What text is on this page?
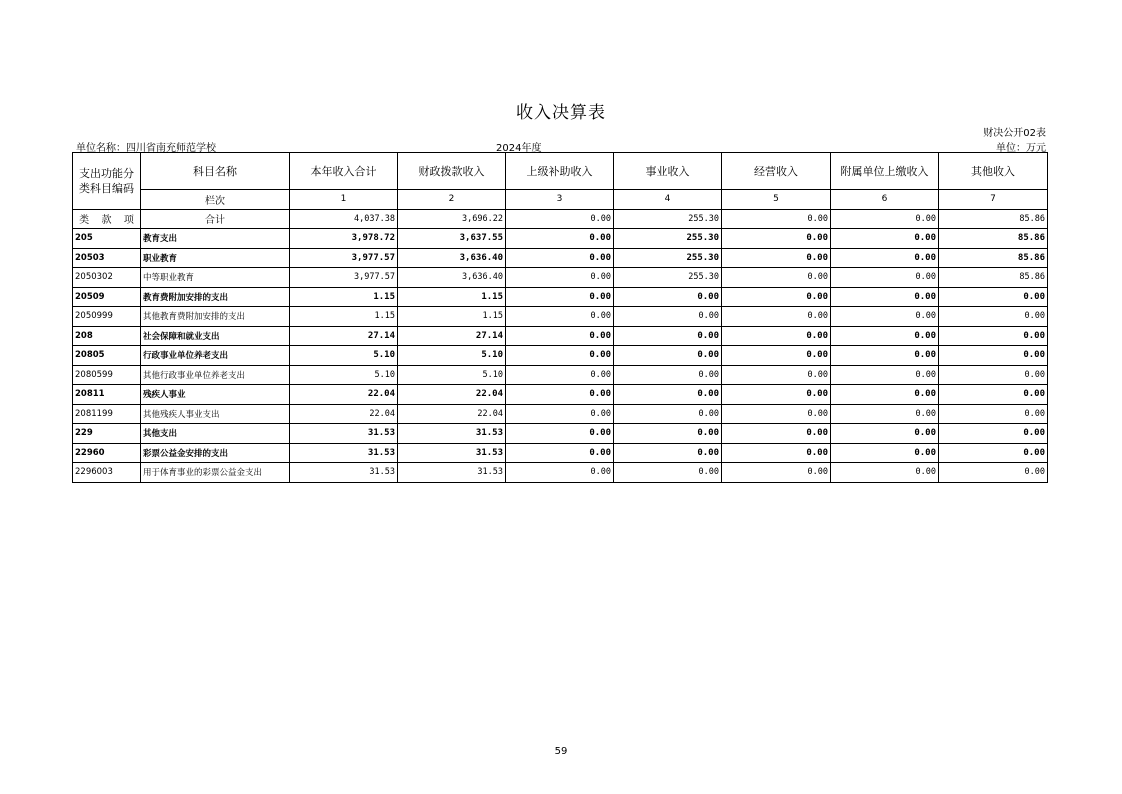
收入决算表
财决公开02表
单位名称：四川省南充师范学校	2024年度	单位：万元
支出功能分类科目编码	科目名称	本年收入合计	财政拨款收入	上级补助收入	事业收入	经营收入	附属单位上缴收入	其他收入
	栏次	1	2	3	4	5	6	7

类 款 项	合计	4,037.38	3,696.22	0.00	255.30	0.00	0.00	85.86
205	教育支出	3,978.72	3,637.55	0.00	255.30	0.00	0.00	85.86
20503	职业教育	3,977.57	3,636.40	0.00	255.30	0.00	0.00	85.86
2050302	中等职业教育	3,977.57	3,636.40	0.00	255.30	0.00	0.00	85.86
20509	教育费附加安排的支出	1.15	1.15	0.00	0.00	0.00	0.00	0.00
2050999	其他教育费附加安排的支出	1.15	1.15	0.00	0.00	0.00	0.00	0.00
208	社会保障和就业支出	27.14	27.14	0.00	0.00	0.00	0.00	0.00
20805	行政事业单位养老支出	5.10	5.10	0.00	0.00	0.00	0.00	0.00
2080599	其他行政事业单位养老支出	5.10	5.10	0.00	0.00	0.00	0.00	0.00
20811	残疾人事业	22.04	22.04	0.00	0.00	0.00	0.00	0.00
2081199	其他残疾人事业支出	22.04	22.04	0.00	0.00	0.00	0.00	0.00
229	其他支出	31.53	31.53	0.00	0.00	0.00	0.00	0.00
22960	彩票公益金安排的支出	31.53	31.53	0.00	0.00	0.00	0.00	0.00
2296003	用于体育事业的彩票公益金支出	31.53	31.53	0.00	0.00	0.00	0.00	0.00
59
